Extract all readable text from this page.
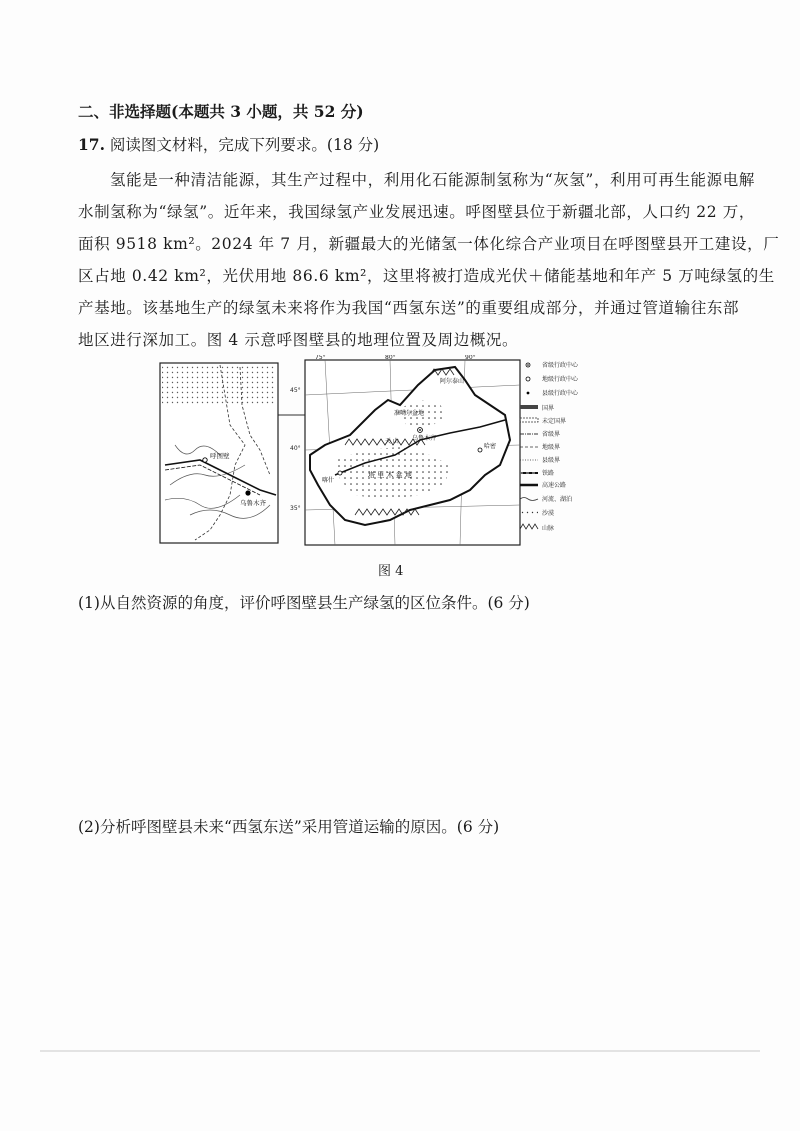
二、非选择题(本题共 3 小题，共 52 分)
17. 阅读图文材料，完成下列要求。(18 分)
氢能是一种清洁能源，其生产过程中，利用化石能源制氢称为“灰氢”，利用可再生能源电解
水制氢称为“绿氢”。近年来，我国绿氢产业发展迅速。呼图壁县位于新疆北部，人口约 22 万，
面积 9518 km²。2024 年 7 月，新疆最大的光储氢一体化综合产业项目在呼图壁县开工建设，厂
区占地 0.42 km²，光伏用地 86.6 km²，这里将被打造成光伏＋储能基地和年产 5 万吨绿氢的生
产基地。该基地生产的绿氢未来将作为我国“西氢东送”的重要组成部分，并通过管道输往东部
地区进行深加工。图 4 示意呼图壁县的地理位置及周边概况。
呼图壁
乌鲁木齐
75°	80°	90°
45°
40°
35°
准噶尔盆地
乌鲁木齐
喀什
哈密
塔 里 木 盆 地
天 山
阿尔泰山
省级行政中心
地级行政中心
县级行政中心
国界
未定国界
省级界
地级界
县级界
铁路
高速公路
河流、湖泊
沙漠
山脉
图 4
(1)从自然资源的角度，评价呼图壁县生产绿氢的区位条件。(6 分)
(2)分析呼图壁县未来“西氢东送”采用管道运输的原因。(6 分)
